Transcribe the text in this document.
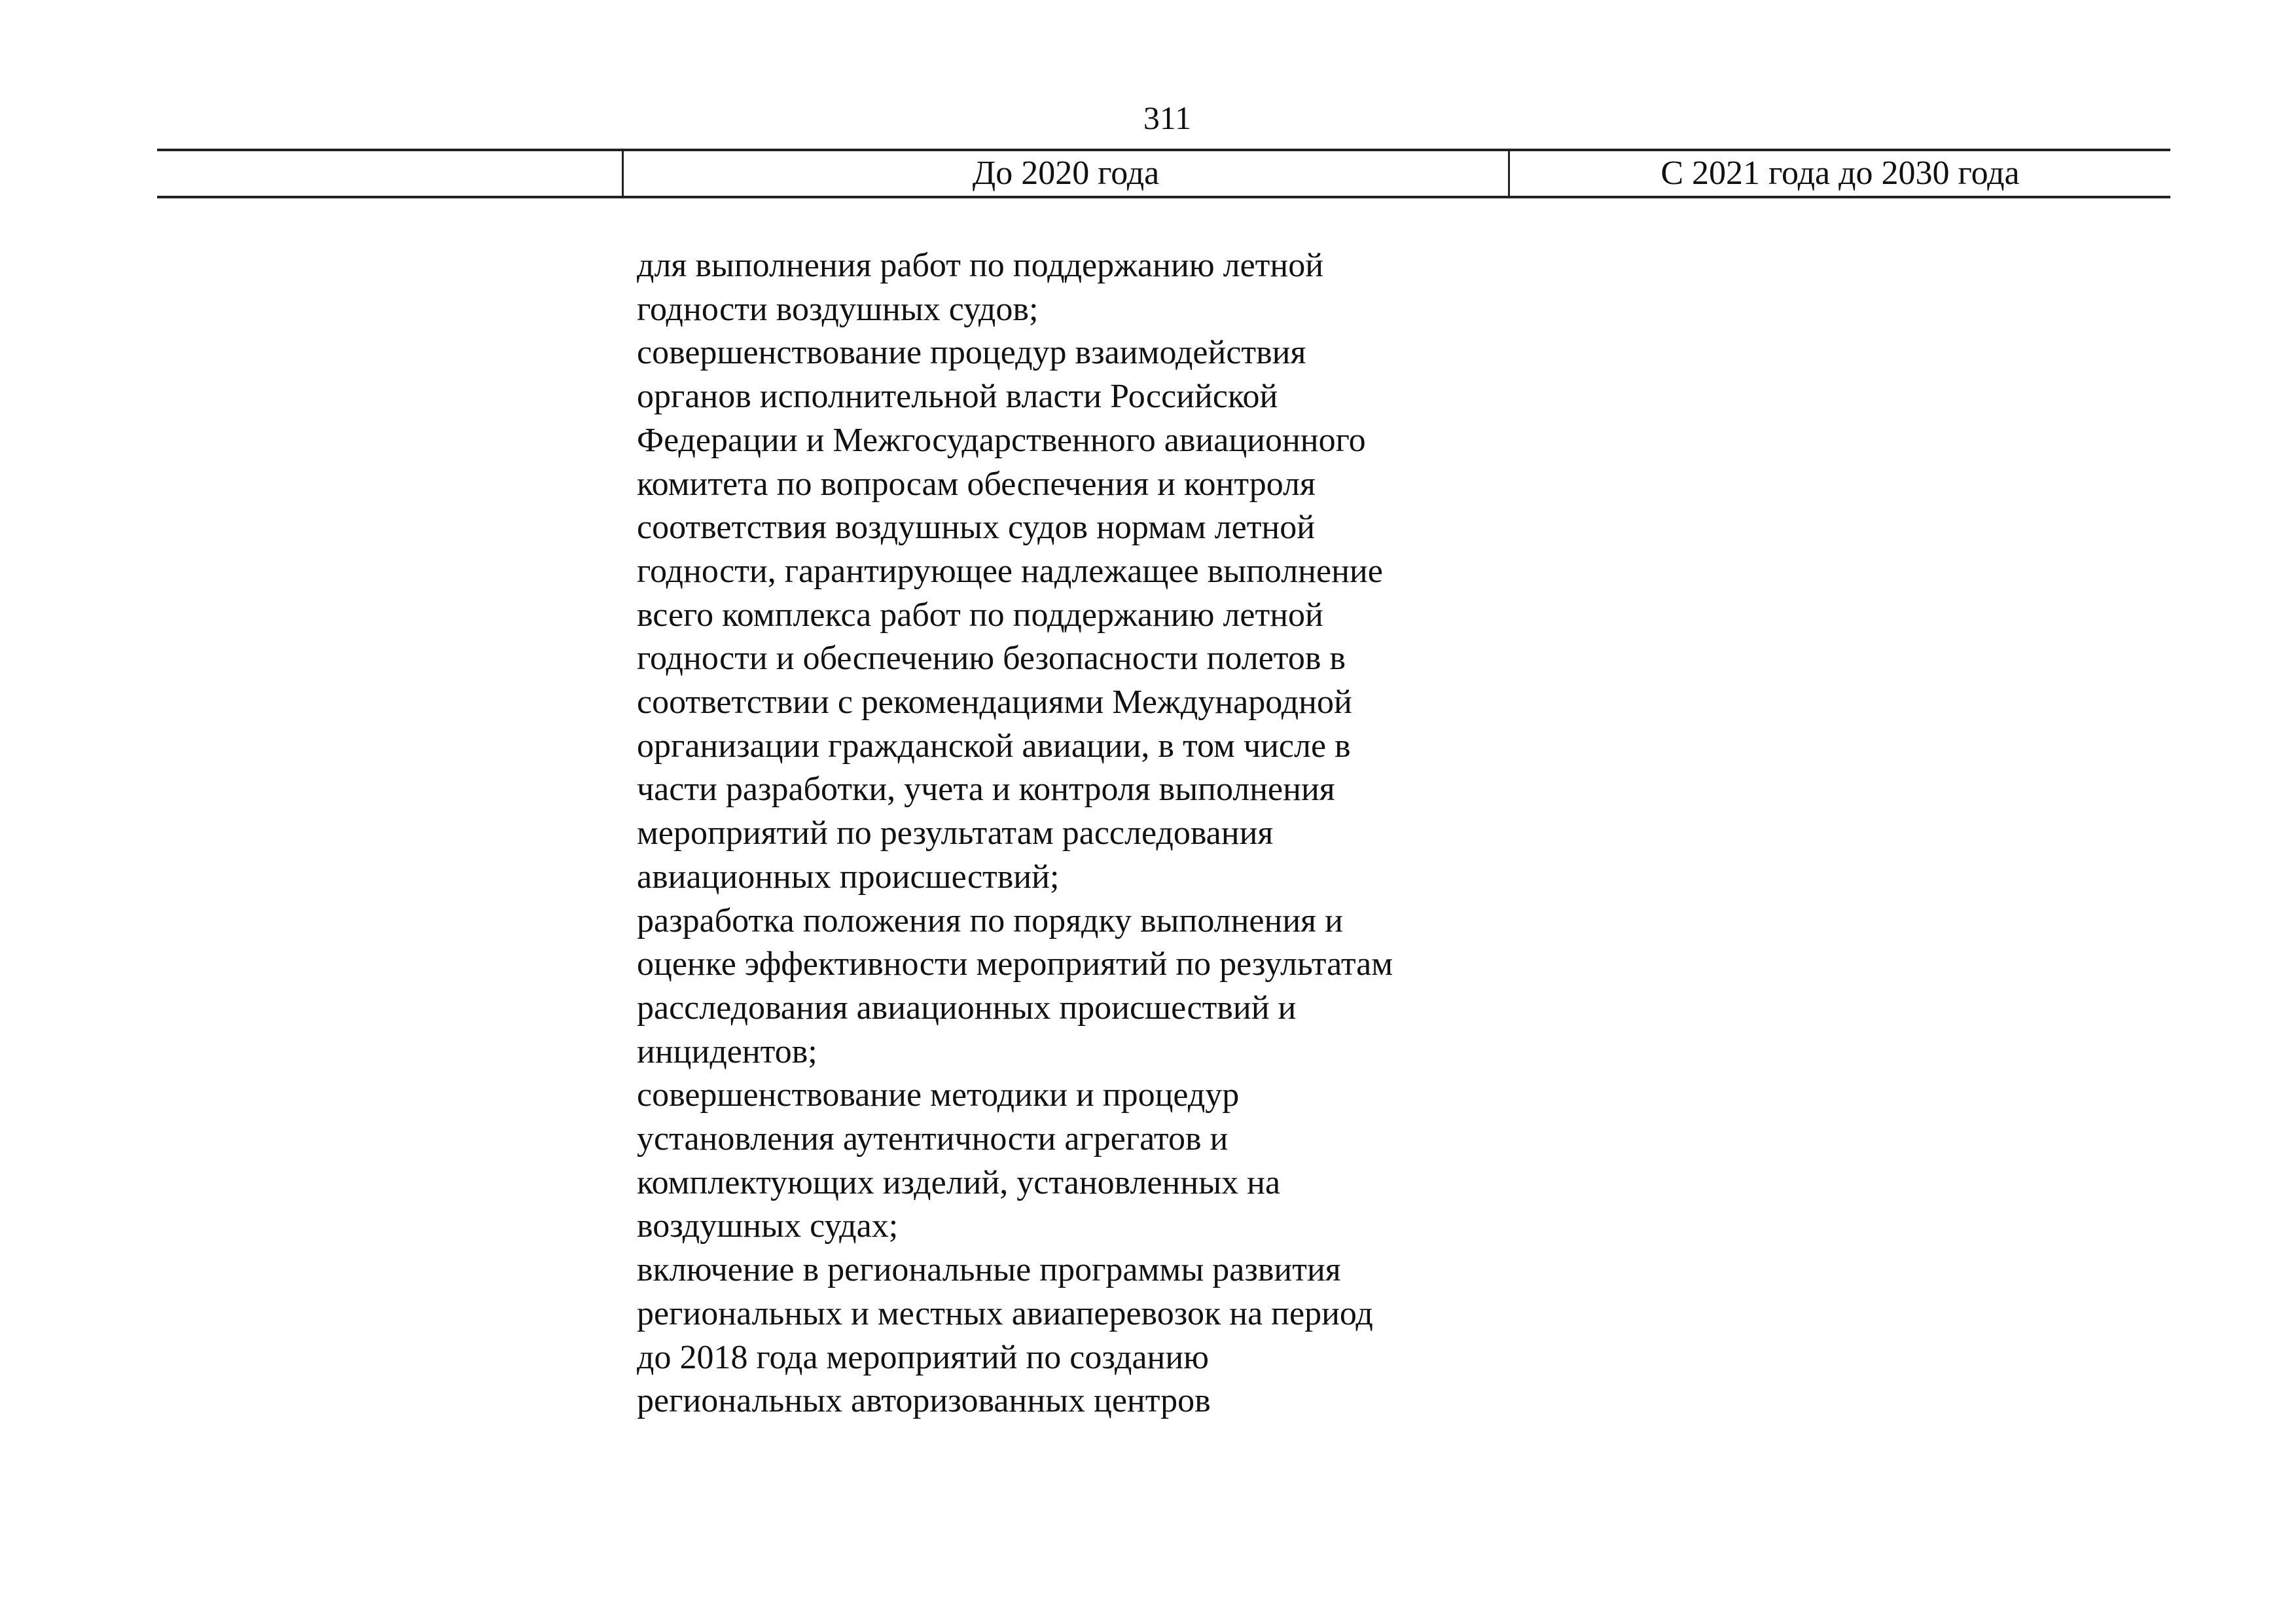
311
До 2020 года	С 2021 года до 2030 года
для выполнения работ по поддержанию летной
годности воздушных судов;
совершенствование процедур взаимодействия
органов исполнительной власти Российской
Федерации и Межгосударственного авиационного
комитета по вопросам обеспечения и контроля
соответствия воздушных судов нормам летной
годности, гарантирующее надлежащее выполнение
всего комплекса работ по поддержанию летной
годности и обеспечению безопасности полетов в
соответствии с рекомендациями Международной
организации гражданской авиации, в том числе в
части разработки, учета и контроля выполнения
мероприятий по результатам расследования
авиационных происшествий;
разработка положения по порядку выполнения и
оценке эффективности мероприятий по результатам
расследования авиационных происшествий и
инцидентов;
совершенствование методики и процедур
установления аутентичности агрегатов и
комплектующих изделий, установленных на
воздушных судах;
включение в региональные программы развития
региональных и местных авиаперевозок на период
до 2018 года мероприятий по созданию
региональных авторизованных центров
